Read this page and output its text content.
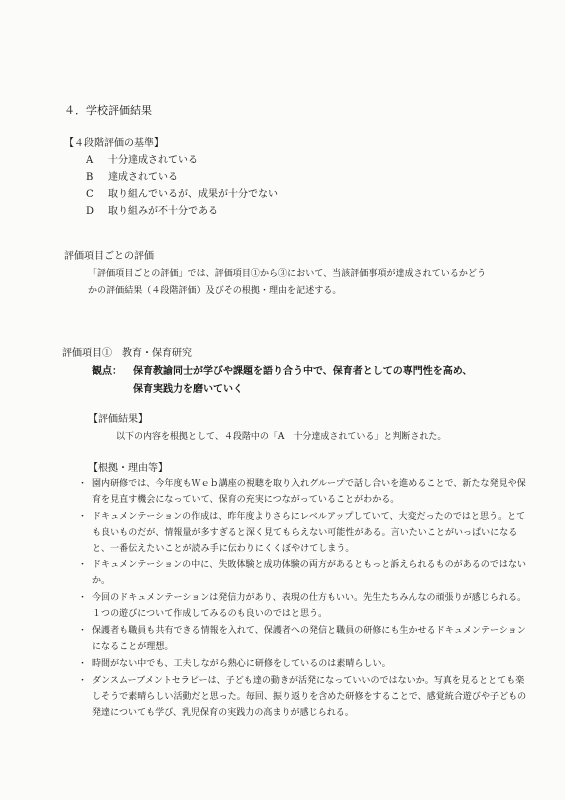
４．学校評価結果
【４段階評価の基準】
A 十分達成されている
B 達成されている
C 取り組んでいるが、成果が十分でない
D 取り組みが不十分である
評価項目ごとの評価
「評価項目ごとの評価」では、評価項目①から③において、当該評価事項が達成されているかどう
かの評価結果（４段階評価）及びその根拠・理由を記述する。
評価項目①　教育・保育研究
観点： 保育教諭同士が学びや課題を語り合う中で、保育者としての専門性を高め、
保育実践力を磨いていく
【評価結果】
以下の内容を根拠として、４段階中の「A　十分達成されている」と判断された。
【根拠・理由等】
・ 園内研修では、今年度もＷｅｂ講座の視聴を取り入れグループで話し合いを進めることで、新たな発見や保育を見直す機会になっていて、保育の充実につながっていることがわかる。
・ ドキュメンテーションの作成は、昨年度よりさらにレベルアップしていて、大変だったのではと思う。とても良いものだが、情報量が多すぎると深く見てもらえない可能性がある。言いたいことがいっぱいになると、一番伝えたいことが読み手に伝わりにくくぼやけてしまう。
・ ドキュメンテーションの中に、失敗体験と成功体験の両方があるともっと訴えられるものがあるのではないか。
・ 今回のドキュメンテーションは発信力があり、表現の仕方もいい。先生たちみんなの頑張りが感じられる。１つの遊びについて作成してみるのも良いのではと思う。
・ 保護者も職員も共有できる情報を入れて、保護者への発信と職員の研修にも生かせるドキュメンテーションになることが理想。
・ 時間がない中でも、工夫しながら熱心に研修をしているのは素晴らしい。
・ ダンスムーブメントセラピーは、子ども達の動きが活発になっていいのではないか。写真を見るととても楽しそうで素晴らしい活動だと思った。毎回、振り返りを含めた研修をすることで、感覚統合遊びや子どもの発達についても学び、乳児保育の実践力の高まりが感じられる。
